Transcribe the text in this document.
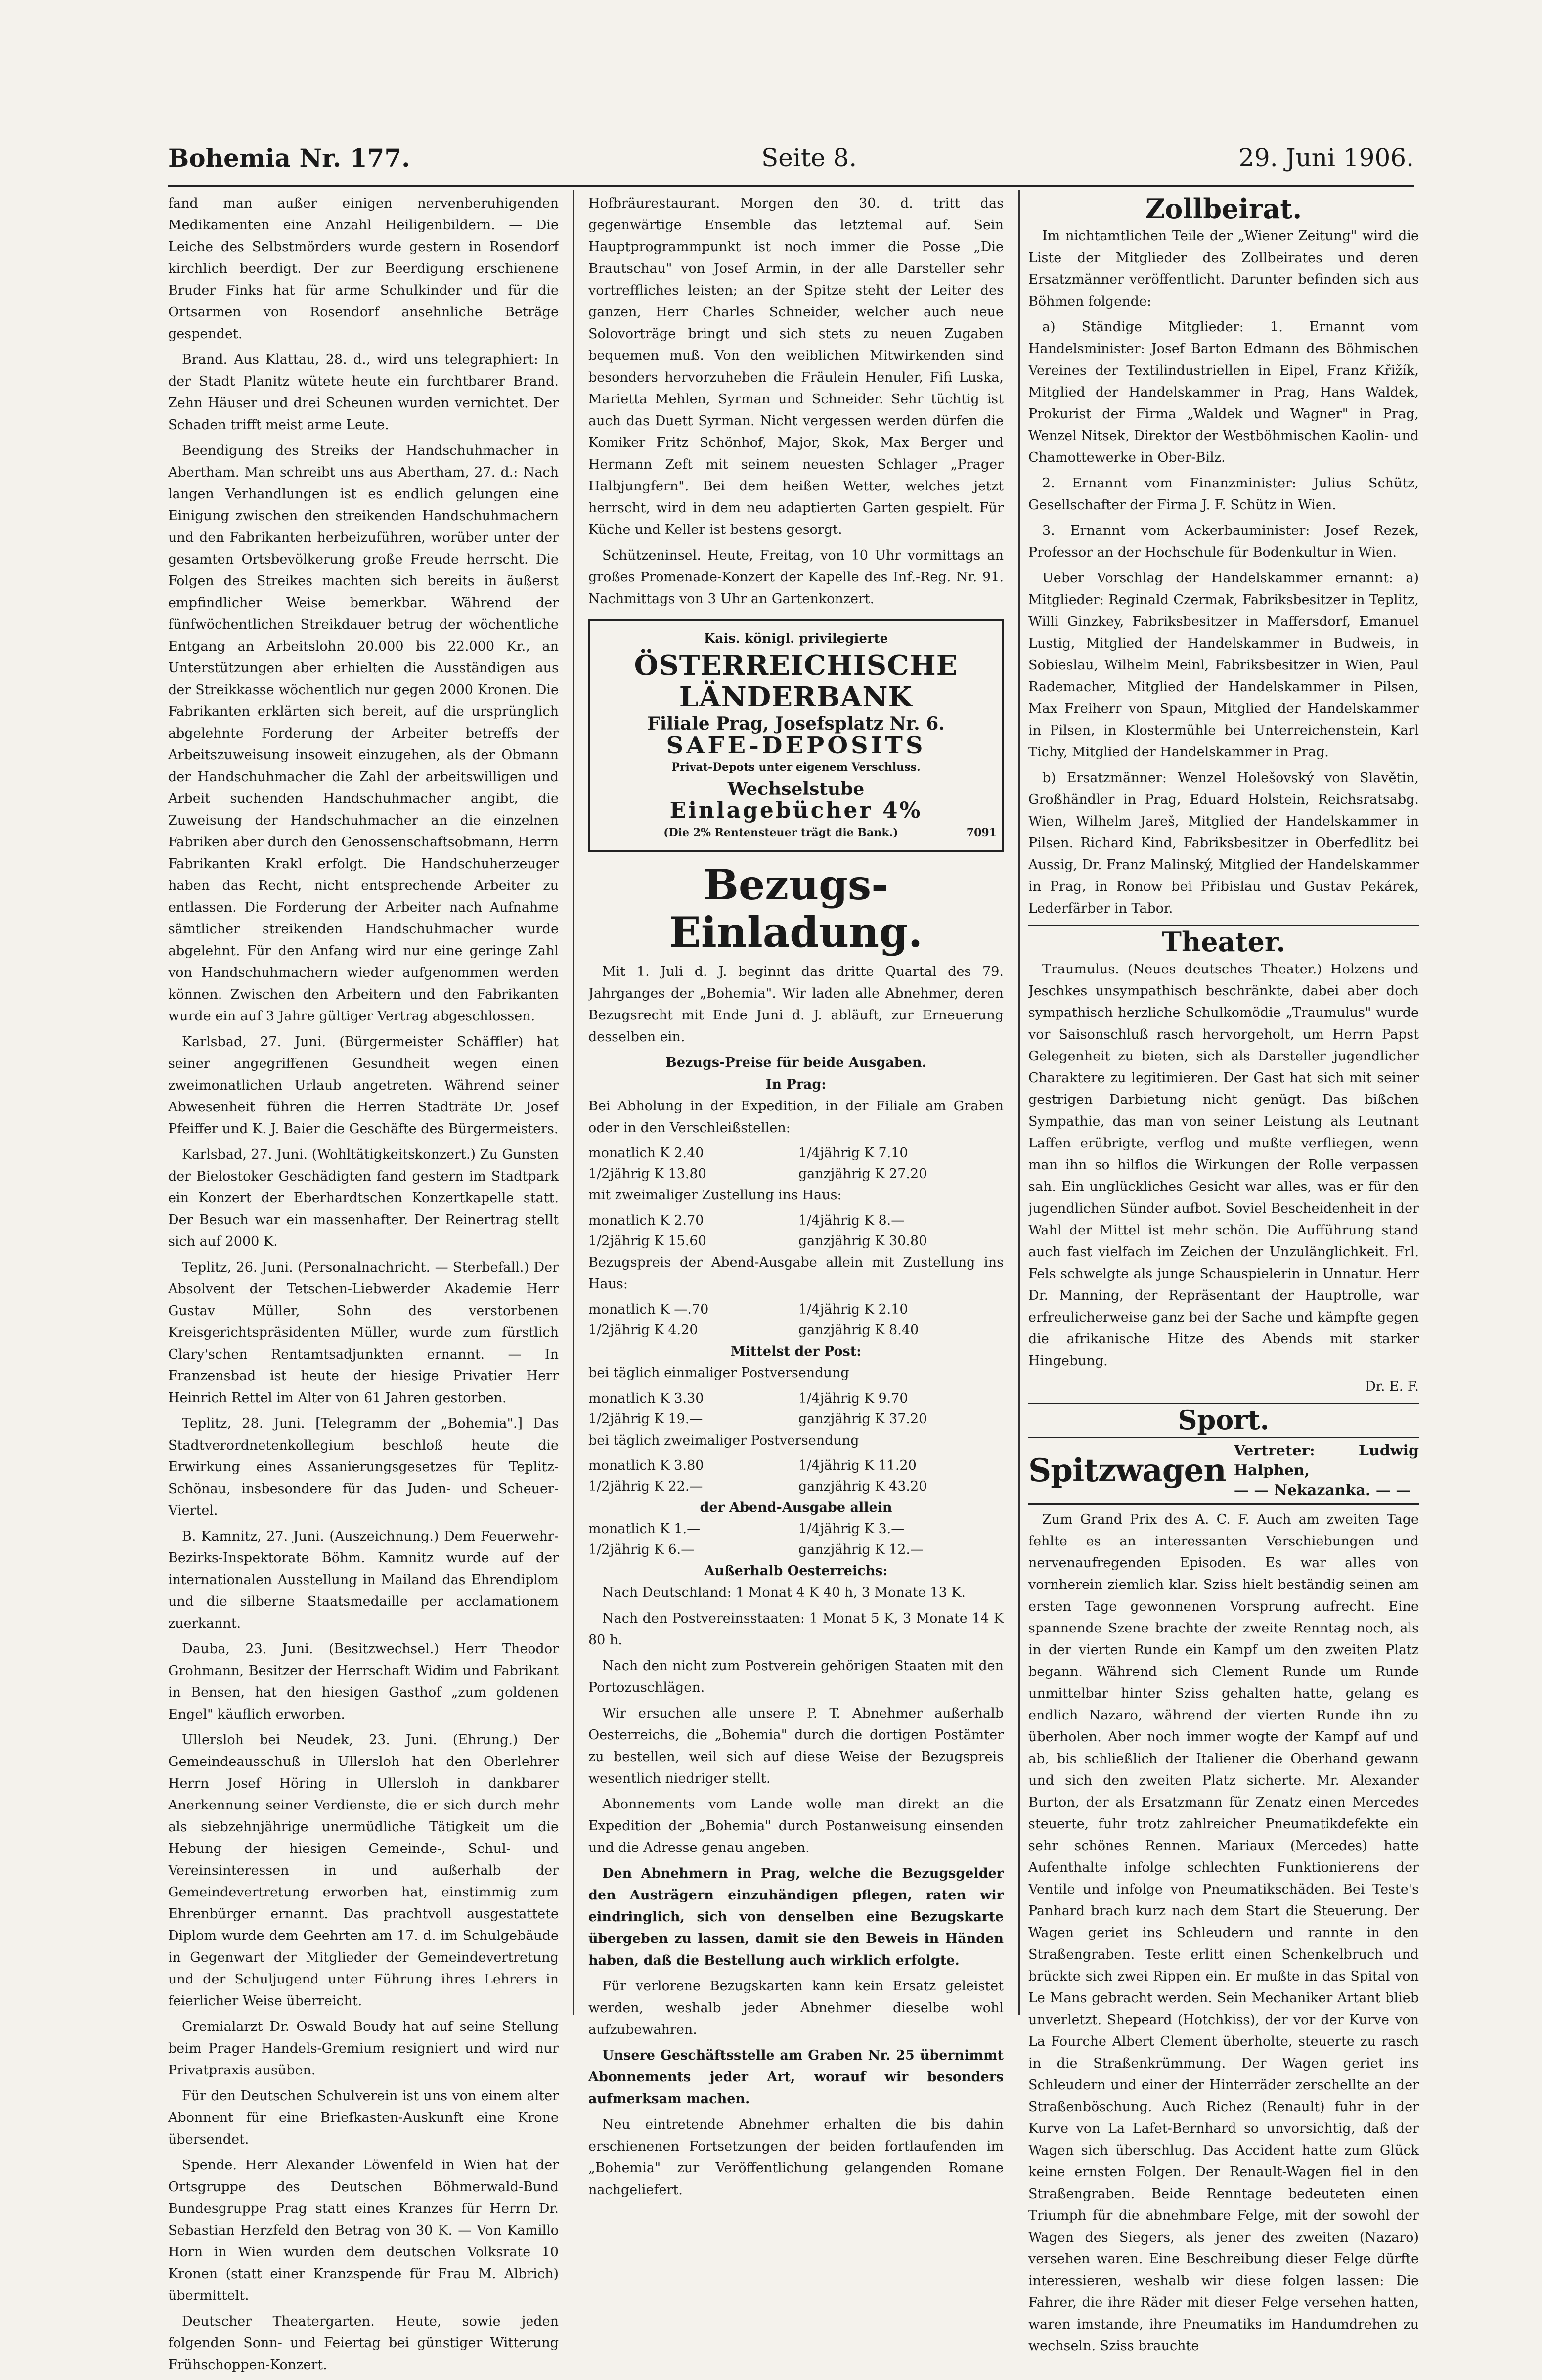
Bohemia Nr. 177.	Seite 8.	29. Juni 1906.

fand man außer einigen nervenberuhigenden Medikamenten eine Anzahl Heiligenbildern. — Die Leiche des Selbstmörders wurde gestern in Rosendorf kirchlich beerdigt. Der zur Beerdigung erschienene Bruder Finks hat für arme Schulkinder und für die Ortsarmen von Rosendorf ansehnliche Beträge gespendet.

Brand. Aus Klattau, 28. d., wird uns telegraphiert: In der Stadt Planitz wütete heute ein furchtbarer Brand. Zehn Häuser und drei Scheunen wurden vernichtet. Der Schaden trifft meist arme Leute.

Beendigung des Streiks der Handschuhmacher in Abertham. Man schreibt uns aus Abertham, 27. d.: Nach langen Verhandlungen ist es endlich gelungen eine Einigung zwischen den streikenden Handschuhmachern und den Fabrikanten herbeizuführen, worüber unter der gesamten Ortsbevölkerung große Freude herrscht. Die Folgen des Streikes machten sich bereits in äußerst empfindlicher Weise bemerkbar. Während der fünfwöchentlichen Streikdauer betrug der wöchentliche Entgang an Arbeitslohn 20.000 bis 22.000 Kr., an Unterstützungen aber erhielten die Ausständigen aus der Streikkasse wöchentlich nur gegen 2000 Kronen. Die Fabrikanten erklärten sich bereit, auf die ursprünglich abgelehnte Forderung der Arbeiter betreffs der Arbeitszuweisung insoweit einzugehen, als der Obmann der Handschuhmacher die Zahl der arbeitswilligen und Arbeit suchenden Handschuhmacher angibt, die Zuweisung der Handschuhmacher an die einzelnen Fabriken aber durch den Genossenschaftsobmann, Herrn Fabrikanten Krakl erfolgt. Die Handschuherzeuger haben das Recht, nicht entsprechende Arbeiter zu entlassen. Die Forderung der Arbeiter nach Aufnahme sämtlicher streikenden Handschuhmacher wurde abgelehnt. Für den Anfang wird nur eine geringe Zahl von Handschuhmachern wieder aufgenommen werden können. Zwischen den Arbeitern und den Fabrikanten wurde ein auf 3 Jahre gültiger Vertrag abgeschlossen.

Karlsbad, 27. Juni. (Bürgermeister Schäffler) hat seiner angegriffenen Gesundheit wegen einen zweimonatlichen Urlaub angetreten. Während seiner Abwesenheit führen die Herren Stadträte Dr. Josef Pfeiffer und K. J. Baier die Geschäfte des Bürgermeisters.

Karlsbad, 27. Juni. (Wohltätigkeitskonzert.) Zu Gunsten der Bielostoker Geschädigten fand gestern im Stadtpark ein Konzert der Eberhardtschen Konzertkapelle statt. Der Besuch war ein massenhafter. Der Reinertrag stellt sich auf 2000 K.

Teplitz, 26. Juni. (Personalnachricht. — Sterbefall.) Der Absolvent der Tetschen-Liebwerder Akademie Herr Gustav Müller, Sohn des verstorbenen Kreisgerichtspräsidenten Müller, wurde zum fürstlich Clary'schen Rentamtsadjunkten ernannt. — In Franzensbad ist heute der hiesige Privatier Herr Heinrich Rettel im Alter von 61 Jahren gestorben.

Teplitz, 28. Juni. [Telegramm der „Bohemia".] Das Stadtverordnetenkollegium beschloß heute die Erwirkung eines Assanierungsgesetzes für Teplitz-Schönau, insbesondere für das Juden- und Scheuer-Viertel.

B. Kamnitz, 27. Juni. (Auszeichnung.) Dem Feuerwehr-Bezirks-Inspektorate Böhm. Kamnitz wurde auf der internationalen Ausstellung in Mailand das Ehrendiplom und die silberne Staatsmedaille per acclamationem zuerkannt.

Dauba, 23. Juni. (Besitzwechsel.) Herr Theodor Grohmann, Besitzer der Herrschaft Widim und Fabrikant in Bensen, hat den hiesigen Gasthof „zum goldenen Engel" käuflich erworben.

Ullersloh bei Neudek, 23. Juni. (Ehrung.) Der Gemeindeausschuß in Ullersloh hat den Oberlehrer Herrn Josef Höring in Ullersloh in dankbarer Anerkennung seiner Verdienste, die er sich durch mehr als siebzehnjährige unermüdliche Tätigkeit um die Hebung der hiesigen Gemeinde-, Schul- und Vereinsinteressen in und außerhalb der Gemeindevertretung erworben hat, einstimmig zum Ehrenbürger ernannt. Das prachtvoll ausgestattete Diplom wurde dem Geehrten am 17. d. im Schulgebäude in Gegenwart der Mitglieder der Gemeindevertretung und der Schuljugend unter Führung ihres Lehrers in feierlicher Weise überreicht.

Gremialarzt Dr. Oswald Boudy hat auf seine Stellung beim Prager Handels-Gremium resigniert und wird nur Privatpraxis ausüben.

Für den Deutschen Schulverein ist uns von einem alter Abonnent für eine Briefkasten-Auskunft eine Krone übersendet.

Spende. Herr Alexander Löwenfeld in Wien hat der Ortsgruppe des Deutschen Böhmerwald-Bund Bundesgruppe Prag statt eines Kranzes für Herrn Dr. Sebastian Herzfeld den Betrag von 30 K. — Von Kamillo Horn in Wien wurden dem deutschen Volksrate 10 Kronen (statt einer Kranzspende für Frau M. Albrich) übermittelt.

Deutscher Theatergarten. Heute, sowie jeden folgenden Sonn- und Feiertag bei günstiger Witterung Frühschoppen-Konzert.

Hofbräurestaurant. Morgen den 30. d. tritt das gegenwärtige Ensemble das letztemal auf. Sein Hauptprogrammpunkt ist noch immer die Posse „Die Brautschau" von Josef Armin, in der alle Darsteller sehr vortreffliches leisten; an der Spitze steht der Leiter des ganzen, Herr Charles Schneider, welcher auch neue Solovorträge bringt und sich stets zu neuen Zugaben bequemen muß. Von den weiblichen Mitwirkenden sind besonders hervorzuheben die Fräulein Henuler, Fifi Luska, Marietta Mehlen, Syrman und Schneider. Sehr tüchtig ist auch das Duett Syrman. Nicht vergessen werden dürfen die Komiker Fritz Schönhof, Major, Skok, Max Berger und Hermann Zeft mit seinem neuesten Schlager „Prager Halbjungfern". Bei dem heißen Wetter, welches jetzt herrscht, wird in dem neu adaptierten Garten gespielt. Für Küche und Keller ist bestens gesorgt.

Schützeninsel. Heute, Freitag, von 10 Uhr vormittags an großes Promenade-Konzert der Kapelle des Inf.-Reg. Nr. 91. Nachmittags von 3 Uhr an Gartenkonzert.

Kais. königl. privilegierte
ÖSTERREICHISCHE LÄNDERBANK
Filiale Prag, Josefsplatz Nr. 6.
SAFE-DEPOSITS
Privat-Depots unter eigenem Verschluss.
Wechselstube
Einlagebücher 4%
(Die 2% Rentensteuer trägt die Bank.)	7091
Bezugs-Einladung.

Mit 1. Juli d. J. beginnt das dritte Quartal des 79. Jahrganges der „Bohemia". Wir laden alle Abnehmer, deren Bezugsrecht mit Ende Juni d. J. abläuft, zur Erneuerung desselben ein.

Bezugs-Preise für beide Ausgaben.
In Prag:

Bei Abholung in der Expedition, in der Filiale am Graben oder in den Verschleißstellen:

monatlich K 2.40	1/4jährig K 7.10
1/2jährig K 13.80	ganzjährig K 27.20

mit zweimaliger Zustellung ins Haus:

monatlich K 2.70	1/4jährig K 8.—
1/2jährig K 15.60	ganzjährig K 30.80

Bezugspreis der Abend-Ausgabe allein mit Zustellung ins Haus:

monatlich K —.70	1/4jährig K 2.10
1/2jährig K 4.20	ganzjährig K 8.40
Mittelst der Post:

bei täglich einmaliger Postversendung

monatlich K 3.30	1/4jährig K 9.70
1/2jährig K 19.—	ganzjährig K 37.20

bei täglich zweimaliger Postversendung

monatlich K 3.80	1/4jährig K 11.20
1/2jährig K 22.—	ganzjährig K 43.20
der Abend-Ausgabe allein
monatlich K 1.—	1/4jährig K 3.—
1/2jährig K 6.—	ganzjährig K 12.—
Außerhalb Oesterreichs:

Nach Deutschland: 1 Monat 4 K 40 h, 3 Monate 13 K.

Nach den Postvereinsstaaten: 1 Monat 5 K, 3 Monate 14 K 80 h.

Nach den nicht zum Postverein gehörigen Staaten mit den Portozuschlägen.

Wir ersuchen alle unsere P. T. Abnehmer außerhalb Oesterreichs, die „Bohemia" durch die dortigen Postämter zu bestellen, weil sich auf diese Weise der Bezugspreis wesentlich niedriger stellt.

Abonnements vom Lande wolle man direkt an die Expedition der „Bohemia" durch Postanweisung einsenden und die Adresse genau angeben.

Den Abnehmern in Prag, welche die Bezugsgelder den Austrägern einzuhändigen pflegen, raten wir eindringlich, sich von denselben eine Bezugskarte übergeben zu lassen, damit sie den Beweis in Händen haben, daß die Bestellung auch wirklich erfolgte.

Für verlorene Bezugskarten kann kein Ersatz geleistet werden, weshalb jeder Abnehmer dieselbe wohl aufzubewahren.

Unsere Geschäftsstelle am Graben Nr. 25 übernimmt Abonnements jeder Art, worauf wir besonders aufmerksam machen.

Neu eintretende Abnehmer erhalten die bis dahin erschienenen Fortsetzungen der beiden fortlaufenden im „Bohemia" zur Veröffentlichung gelangenden Romane nachgeliefert.

Zollbeirat.

Im nichtamtlichen Teile der „Wiener Zeitung" wird die Liste der Mitglieder des Zollbeirates und deren Ersatzmänner veröffentlicht. Darunter befinden sich aus Böhmen folgende:

a) Ständige Mitglieder: 1. Ernannt vom Handelsminister: Josef Barton Edmann des Böhmischen Vereines der Textilindustriellen in Eipel, Franz Křižík, Mitglied der Handelskammer in Prag, Hans Waldek, Prokurist der Firma „Waldek und Wagner" in Prag, Wenzel Nitsek, Direktor der Westböhmischen Kaolin- und Chamottewerke in Ober-Bilz.

2. Ernannt vom Finanzminister: Julius Schütz, Gesellschafter der Firma J. F. Schütz in Wien.

3. Ernannt vom Ackerbauminister: Josef Rezek, Professor an der Hochschule für Bodenkultur in Wien.

Ueber Vorschlag der Handelskammer ernannt: a) Mitglieder: Reginald Czermak, Fabriksbesitzer in Teplitz, Willi Ginzkey, Fabriksbesitzer in Maffersdorf, Emanuel Lustig, Mitglied der Handelskammer in Budweis, in Sobieslau, Wilhelm Meinl, Fabriksbesitzer in Wien, Paul Rademacher, Mitglied der Handelskammer in Pilsen, Max Freiherr von Spaun, Mitglied der Handelskammer in Pilsen, in Klostermühle bei Unterreichenstein, Karl Tichy, Mitglied der Handelskammer in Prag.

b) Ersatzmänner: Wenzel Holešovský von Slavětin, Großhändler in Prag, Eduard Holstein, Reichsratsabg. Wien, Wilhelm Jareš, Mitglied der Handelskammer in Pilsen. Richard Kind, Fabriksbesitzer in Oberfedlitz bei Aussig, Dr. Franz Malinský, Mitglied der Handelskammer in Prag, in Ronow bei Přibislau und Gustav Pekárek, Lederfärber in Tabor.

Theater.

Traumulus. (Neues deutsches Theater.) Holzens und Jeschkes unsympathisch beschränkte, dabei aber doch sympathisch herzliche Schulkomödie „Traumulus" wurde vor Saisonschluß rasch hervorgeholt, um Herrn Papst Gelegenheit zu bieten, sich als Darsteller jugendlicher Charaktere zu legitimieren. Der Gast hat sich mit seiner gestrigen Darbietung nicht genügt. Das bißchen Sympathie, das man von seiner Leistung als Leutnant Laffen erübrigte, verflog und mußte verfliegen, wenn man ihn so hilflos die Wirkungen der Rolle verpassen sah. Ein unglückliches Gesicht war alles, was er für den jugendlichen Sünder aufbot. Soviel Bescheidenheit in der Wahl der Mittel ist mehr schön. Die Aufführung stand auch fast vielfach im Zeichen der Unzulänglichkeit. Frl. Fels schwelgte als junge Schauspielerin in Unnatur. Herr Dr. Manning, der Repräsentant der Hauptrolle, war erfreulicherweise ganz bei der Sache und kämpfte gegen die afrikanische Hitze des Abends mit starker Hingebung.

Dr. E. F.
Sport.
Spitzwagen
Vertreter: Ludwig Halphen,
— — Nekazanka. — —

Zum Grand Prix des A. C. F. Auch am zweiten Tage fehlte es an interessanten Verschiebungen und nervenaufregenden Episoden. Es war alles von vornherein ziemlich klar. Sziss hielt beständig seinen am ersten Tage gewonnenen Vorsprung aufrecht. Eine spannende Szene brachte der zweite Renntag noch, als in der vierten Runde ein Kampf um den zweiten Platz begann. Während sich Clement Runde um Runde unmittelbar hinter Sziss gehalten hatte, gelang es endlich Nazaro, während der vierten Runde ihn zu überholen. Aber noch immer wogte der Kampf auf und ab, bis schließlich der Italiener die Oberhand gewann und sich den zweiten Platz sicherte. Mr. Alexander Burton, der als Ersatzmann für Zenatz einen Mercedes steuerte, fuhr trotz zahlreicher Pneumatikdefekte ein sehr schönes Rennen. Mariaux (Mercedes) hatte Aufenthalte infolge schlechten Funktionierens der Ventile und infolge von Pneumatikschäden. Bei Teste's Panhard brach kurz nach dem Start die Steuerung. Der Wagen geriet ins Schleudern und rannte in den Straßengraben. Teste erlitt einen Schenkelbruch und brückte sich zwei Rippen ein. Er mußte in das Spital von Le Mans gebracht werden. Sein Mechaniker Artant blieb unverletzt. Shepeard (Hotchkiss), der vor der Kurve von La Fourche Albert Clement überholte, steuerte zu rasch in die Straßenkrümmung. Der Wagen geriet ins Schleudern und einer der Hinterräder zerschellte an der Straßenböschung. Auch Richez (Renault) fuhr in der Kurve von La Lafet-Bernhard so unvorsichtig, daß der Wagen sich überschlug. Das Accident hatte zum Glück keine ernsten Folgen. Der Renault-Wagen fiel in den Straßengraben. Beide Renntage bedeuteten einen Triumph für die abnehmbare Felge, mit der sowohl der Wagen des Siegers, als jener des zweiten (Nazaro) versehen waren. Eine Beschreibung dieser Felge dürfte interessieren, weshalb wir diese folgen lassen: Die Fahrer, die ihre Räder mit dieser Felge versehen hatten, waren imstande, ihre Pneumatiks im Handumdrehen zu wechseln. Sziss brauchte
